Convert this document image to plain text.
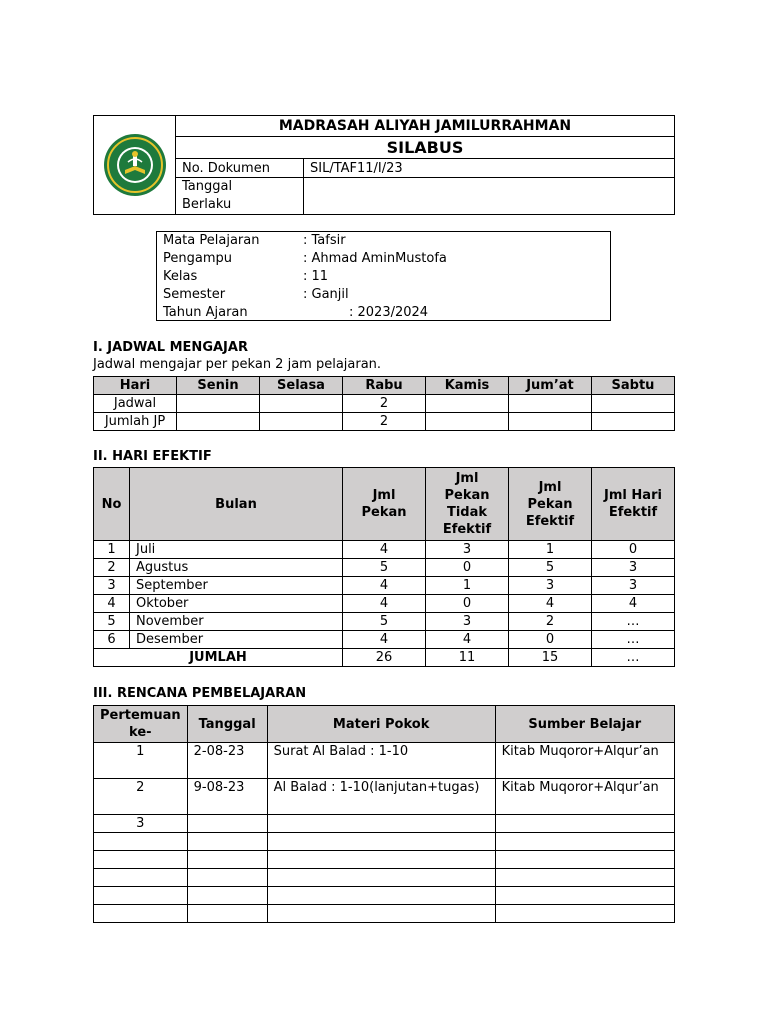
	MADRASAH ALIYAH JAMILURRAHMAN	
	SILABUS	
	No. Dokumen	SIL/TAF11/I/23
	Tanggal
Berlaku	
Mata Pelajaran	: Tafsir
Pengampu	: Ahmad AminMustofa
Kelas	: 11
Semester	: Ganjil
Tahun Ajaran	: 2023/2024
I. JADWAL MENGAJAR
Jadwal mengajar per pekan 2 jam pelajaran.
Hari	Senin	Selasa	Rabu	Kamis	Jum’at	Sabtu
Jadwal			2			
Jumlah JP			2			
II. HARI EFEKTIF
No	Bulan	Jml Pekan	Jml Pekan Tidak Efektif	Jml Pekan Efektif	Jml Hari Efektif
1	Juli	4	3	1	0
2	Agustus	5	0	5	3
3	September	4	1	3	3
4	Oktober	4	0	4	4
5	November	5	3	2	…
6	Desember	4	4	0	…
JUMLAH		26	11	15	…
III. RENCANA PEMBELAJARAN
Pertemuan ke-	Tanggal	Materi Pokok	Sumber Belajar
1	2-08-23	Surat Al Balad : 1-10	Kitab Muqoror+Alqur’an
2	9-08-23	Al Balad : 1-10(lanjutan+tugas)	Kitab Muqoror+Alqur’an
3			
